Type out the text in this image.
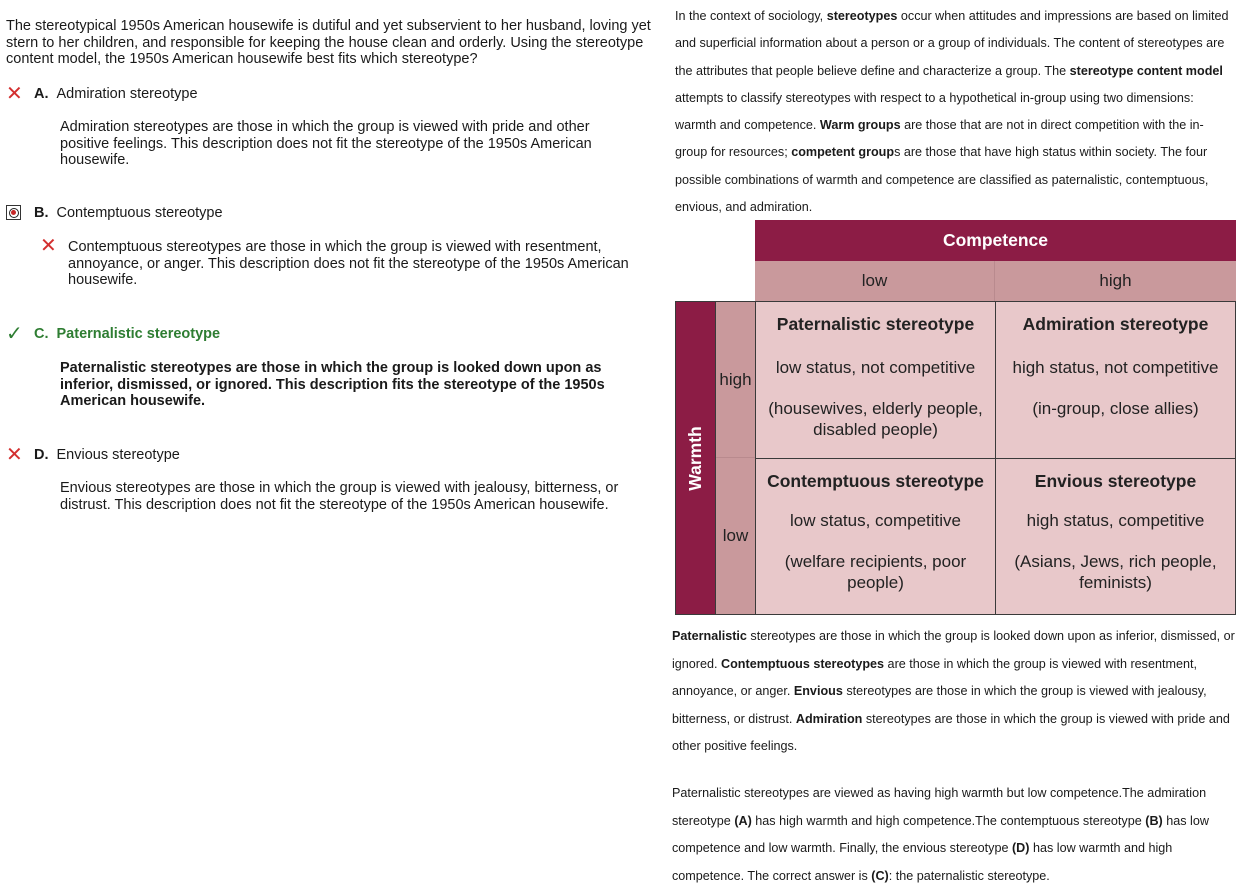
The stereotypical 1950s American housewife is dutiful and yet subservient to her husband, loving yet stern to her children, and responsible for keeping the house clean and orderly. Using the stereotype content model, the 1950s American housewife best fits which stereotype?

✕ A. Admiration stereotype
Admiration stereotypes are those in which the group is viewed with pride and other positive feelings. This description does not fit the stereotype of the 1950s American housewife.
B. Contemptuous stereotype
✕ Contemptuous stereotypes are those in which the group is viewed with resentment, annoyance, or anger. This description does not fit the stereotype of the 1950s American housewife.
✓ C. Paternalistic stereotype
Paternalistic stereotypes are those in which the group is looked down upon as inferior, dismissed, or ignored. This description fits the stereotype of the 1950s American housewife.
✕ D. Envious stereotype
Envious stereotypes are those in which the group is viewed with jealousy, bitterness, or distrust. This description does not fit the stereotype of the 1950s American housewife.

In the context of sociology, stereotypes occur when attitudes and impressions are based on limited and superficial information about a person or a group of individuals. The content of stereotypes are the attributes that people believe define and characterize a group. The stereotype content model attempts to classify stereotypes with respect to a hypothetical in-group using two dimensions: warmth and competence. Warm groups are those that are not in direct competition with the in-group for resources; competent groups are those that have high status within society. The four possible combinations of warmth and competence are classified as paternalistic, contemptuous, envious, and admiration.

Competence
low	high
Warmth
high
low
Paternalistic stereotype
low status, not competitive
(housewives, elderly people, disabled people)
Admiration stereotype
high status, not competitive
(in-group, close allies)
Contemptuous stereotype
low status, competitive
(welfare recipients, poor people)
Envious stereotype
high status, competitive
(Asians, Jews, rich people, feminists)

Paternalistic stereotypes are those in which the group is looked down upon as inferior, dismissed, or ignored. Contemptuous stereotypes are those in which the group is viewed with resentment, annoyance, or anger. Envious stereotypes are those in which the group is viewed with jealousy, bitterness, or distrust. Admiration stereotypes are those in which the group is viewed with pride and other positive feelings.

Paternalistic stereotypes are viewed as having high warmth but low competence.The admiration stereotype (A) has high warmth and high competence.The contemptuous stereotype (B) has low competence and low warmth. Finally, the envious stereotype (D) has low warmth and high competence. The correct answer is (C): the paternalistic stereotype.
